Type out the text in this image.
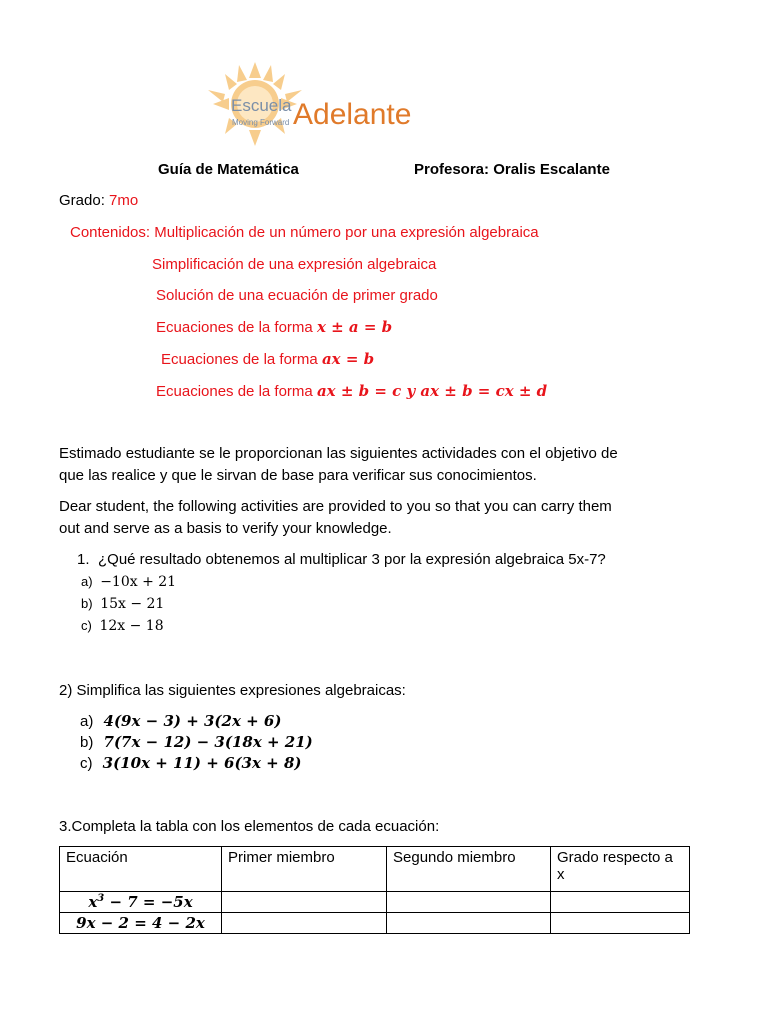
Escuela
Moving Forward Adelante
Guía de Matemática	Profesora: Oralis Escalante
Grado: 7mo
Contenidos: Multiplicación de un número por una expresión algebraica
Simplificación de una expresión algebraica
Solución de una ecuación de primer grado
Ecuaciones de la forma x ± a = b
Ecuaciones de la forma ax = b
Ecuaciones de la forma ax ± b = c y ax ± b = cx ± d
Estimado estudiante se le proporcionan las siguientes actividades con el objetivo de
que las realice y que le sirvan de base para verificar sus conocimientos.
Dear student, the following activities are provided to you so that you can carry them
out and serve as a basis to verify your knowledge.
1. ¿Qué resultado obtenemos al multiplicar 3 por la expresión algebraica 5x-7?
a) −10x + 21
b) 15x − 21
c) 12x − 18
2) Simplifica las siguientes expresiones algebraicas:
a) 4(9x − 3) + 3(2x + 6)
b) 7(7x − 12) − 3(18x + 21)
c) 3(10x + 11) + 6(3x + 8)
3.Completa la tabla con los elementos de cada ecuación:
Ecuación	Primer miembro	Segundo miembro	Grado respecto a x
$x^3 - 7 = -5x$			
9x − 2 = 4 − 2x			
